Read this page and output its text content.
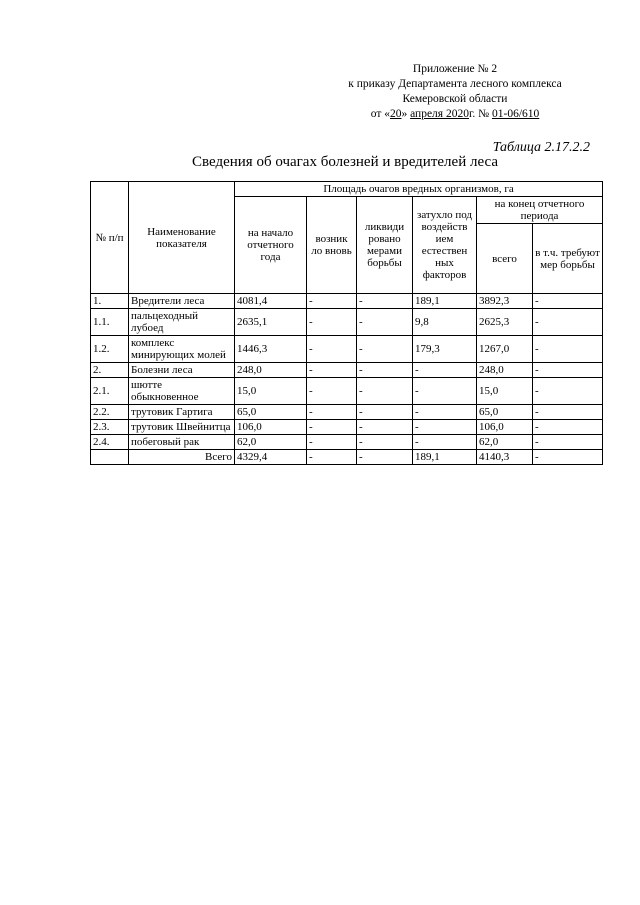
Приложение № 2
к приказу Департамента лесного комплекса
Кемеровской области
от «20» апреля 2020г. № 01-06/610
Таблица 2.17.2.2
Сведения об очагах болезней и вредителей леса
№ п/п	Наименование показателя	Площадь очагов вредных организмов, га					
		на начало отчетного года	возник ло вновь	ликвиди ровано мерами борьбы	затухло под воздейств ием естествен ных факторов	на конец отчетного периода	
						всего	в т.ч. требуют мер борьбы
1.	Вредители леса	4081,4	-	-	189,1	3892,3	-
1.1.	пальцеходный лубоед	2635,1	-	-	9,8	2625,3	-
1.2.	комплекс минирующих молей	1446,3	-	-	179,3	1267,0	-
2.	Болезни леса	248,0	-	-	-	248,0	-
2.1.	шютте обыкновенное	15,0	-	-	-	15,0	-
2.2.	трутовик Гартига	65,0	-	-	-	65,0	-
2.3.	трутовик Швейнитца	106,0	-	-	-	106,0	-
2.4.	побеговый рак	62,0	-	-	-	62,0	-
	Всего	4329,4	-	-	189,1	4140,3	-
